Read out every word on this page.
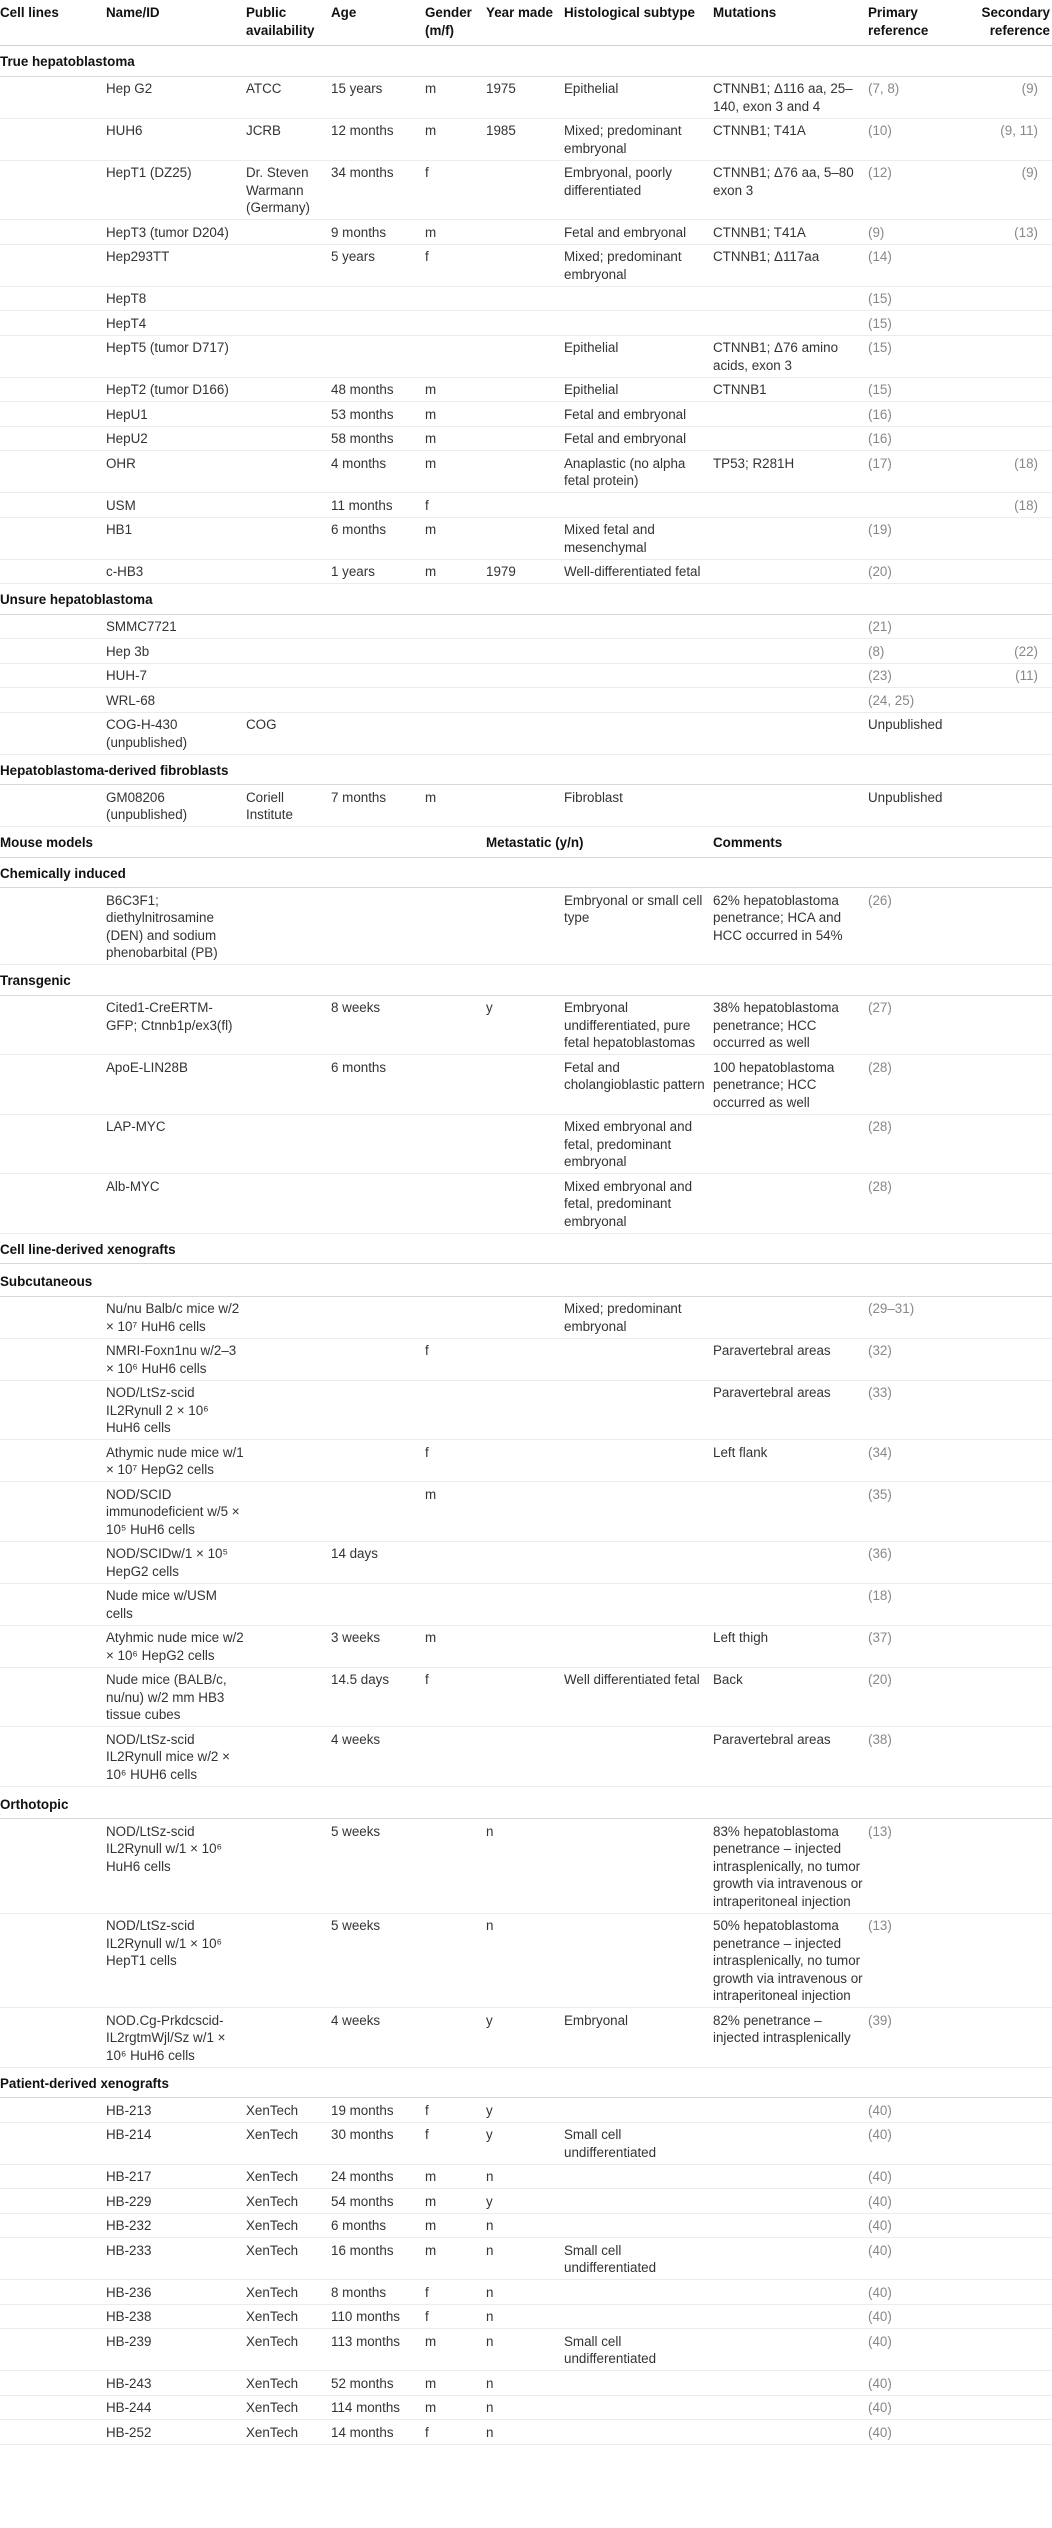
Cell lines	Name/ID	Public availability	Age	Gender (m/f)	Year made	Histological subtype	Mutations	Primary reference	Secondary reference
True hepatoblastoma									
	Hep G2	ATCC	15 years	m	1975	Epithelial	CTNNB1; Δ116 aa, 25–140, exon 3 and 4	(7, 8)	(9)
	HUH6	JCRB	12 months	m	1985	Mixed; predominant embryonal	CTNNB1; T41A	(10)	(9, 11)
	HepT1 (DZ25)	Dr. Steven Warmann (Germany)	34 months	f		Embryonal, poorly differentiated	CTNNB1; Δ76 aa, 5–80 exon 3	(12)	(9)
	HepT3 (tumor D204)		9 months	m		Fetal and embryonal	CTNNB1; T41A	(9)	(13)
	Hep293TT		5 years	f		Mixed; predominant embryonal	CTNNB1; Δ117aa	(14)	
	HepT8							(15)	
	HepT4							(15)	
	HepT5 (tumor D717)					Epithelial	CTNNB1; Δ76 amino acids, exon 3	(15)	
	HepT2 (tumor D166)		48 months	m		Epithelial	CTNNB1	(15)	
	HepU1		53 months	m		Fetal and embryonal		(16)	
	HepU2		58 months	m		Fetal and embryonal		(16)	
	OHR		4 months	m		Anaplastic (no alpha fetal protein)	TP53; R281H	(17)	(18)
	USM		11 months	f					(18)
	HB1		6 months	m		Mixed fetal and mesenchymal		(19)	
	c-HB3		1 years	m	1979	Well-differentiated fetal		(20)	
Unsure hepatoblastoma									
	SMMC7721							(21)	
	Hep 3b							(8)	(22)
	HUH-7							(23)	(11)
	WRL-68							(24, 25)	
	COG-H-430 (unpublished)	COG						Unpublished	
Hepatoblastoma-derived fibroblasts									
	GM08206 (unpublished)	Coriell Institute	7 months	m		Fibroblast		Unpublished	
Mouse models					Metastatic (y/n)		Comments		
Chemically induced									
	B6C3F1; diethylnitrosamine (DEN) and sodium phenobarbital (PB)					Embryonal or small cell type	62% hepatoblastoma penetrance; HCA and HCC occurred in 54%	(26)	
Transgenic									
	Cited1-CreERTM-GFP; Ctnnb1p/ex3(fl)		8 weeks		y	Embryonal undifferentiated, pure fetal hepatoblastomas	38% hepatoblastoma penetrance; HCC occurred as well	(27)	
	ApoE-LIN28B		6 months			Fetal and cholangioblastic pattern	100 hepatoblastoma penetrance; HCC occurred as well	(28)	
	LAP-MYC					Mixed embryonal and fetal, predominant embryonal		(28)	
	Alb-MYC					Mixed embryonal and fetal, predominant embryonal		(28)	
Cell line-derived xenografts									
Subcutaneous									
	Nu/nu Balb/c mice w/2 × 10⁷ HuH6 cells					Mixed; predominant embryonal		(29–31)	
	NMRI-Foxn1nu w/2–3 × 10⁶ HuH6 cells			f			Paravertebral areas	(32)	
	NOD/LtSz-scid IL2Rynull 2 × 10⁶ HuH6 cells						Paravertebral areas	(33)	
	Athymic nude mice w/1 × 10⁷ HepG2 cells			f			Left flank	(34)	
	NOD/SCID immunodeficient w/5 × 10⁵ HuH6 cells			m				(35)	
	NOD/SCIDw/1 × 10⁵ HepG2 cells		14 days					(36)	
	Nude mice w/USM cells							(18)	
	Atyhmic nude mice w/2 × 10⁶ HepG2 cells		3 weeks	m			Left thigh	(37)	
	Nude mice (BALB/c, nu/nu) w/2 mm HB3 tissue cubes		14.5 days	f		Well differentiated fetal	Back	(20)	
	NOD/LtSz-scid IL2Rynull mice w/2 × 10⁶ HUH6 cells		4 weeks				Paravertebral areas	(38)	
Orthotopic									
	NOD/LtSz-scid IL2Rynull w/1 × 10⁶ HuH6 cells		5 weeks		n		83% hepatoblastoma penetrance – injected intrasplenically, no tumor growth via intravenous or intraperitoneal injection	(13)	
	NOD/LtSz-scid IL2Rynull w/1 × 10⁶ HepT1 cells		5 weeks		n		50% hepatoblastoma penetrance – injected intrasplenically, no tumor growth via intravenous or intraperitoneal injection	(13)	
	NOD.Cg-Prkdcscid-IL2rgtmWjl/Sz w/1 × 10⁶ HuH6 cells		4 weeks		y	Embryonal	82% penetrance – injected intrasplenically	(39)	
Patient-derived xenografts									
	HB-213	XenTech	19 months	f	y			(40)	
	HB-214	XenTech	30 months	f	y	Small cell undifferentiated		(40)	
	HB-217	XenTech	24 months	m	n			(40)	
	HB-229	XenTech	54 months	m	y			(40)	
	HB-232	XenTech	6 months	m	n			(40)	
	HB-233	XenTech	16 months	m	n	Small cell undifferentiated		(40)	
	HB-236	XenTech	8 months	f	n			(40)	
	HB-238	XenTech	110 months	f	n			(40)	
	HB-239	XenTech	113 months	m	n	Small cell undifferentiated		(40)	
	HB-243	XenTech	52 months	m	n			(40)	
	HB-244	XenTech	114 months	m	n			(40)	
	HB-252	XenTech	14 months	f	n			(40)	
